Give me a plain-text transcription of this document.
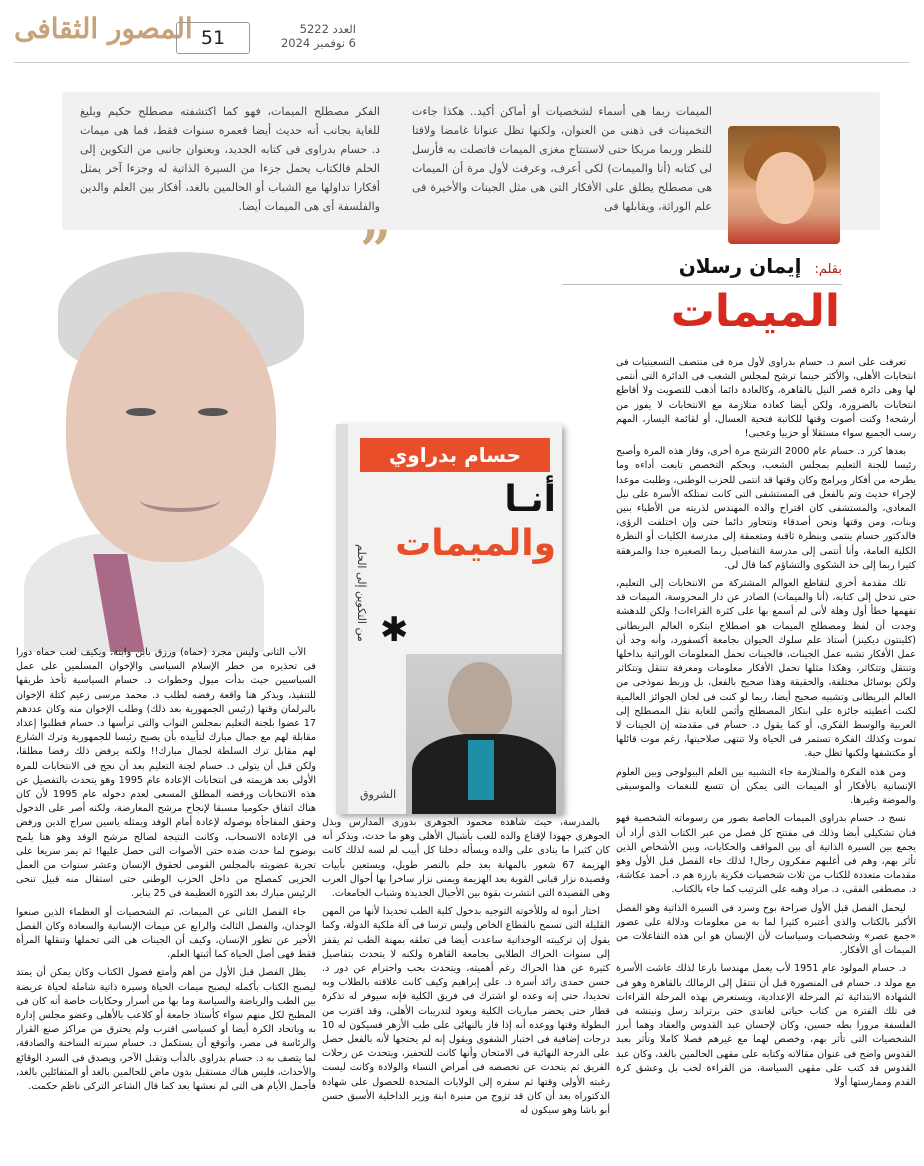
المصور الثقافى 51	العدد 5222
6 نوفمبر 2024
الميمات ربما هى أسماء لشخصيات أو أماكن أكيد.. هكذا جاءت التخمينات فى ذهنى من العنوان، ولكنها تظل عنوانا غامضا ولافتا للنظر وربما مربكا حتى لاستنتاج مغزى الميمات فاتصلت به فأرسل لى كتابه (أنا والميمات) لكى أعرف، وعرفت لأول مرة أن الميمات هى مصطلح يطلق على الأفكار التى هى مثل الجينات والأخيرة فى علم الوراثة، ويقابلها فى
الفكر مصطلح الميمات، فهو كما اكتشفته مصطلح حكيم وبليغ للغاية بجانب أنه حديث أيضا فعمره سنوات فقط، فما هى ميمات د. حسام بدراوى فى كتابه الجديد، وبعنوان جانبى من التكوين إلى الحلم فالكتاب يحمل جزءا من السيرة الذاتية له وجزءا آخر يمثل أفكارا تداولها مع الشباب أو الحالمين بالغد، أفكار بين العلم والدين والفلسفة أى هى الميمات أيضا.
بقلم: إيمان رسلان
الميمات
”
حسام بدراوي
أنـا
والميمات
من التكوين إلى الحلم ✱
الشروق

تعرفت على اسم د. حسام بدراوى لأول مرة فى منتصف التسعينيات فى انتخابات الأهلى، والأكثر حينما ترشح لمجلس الشعب فى الدائرة التى أنتمى لها وهى دائرة قصر النيل بالقاهرة، وكالعادة دائما أذهب للتصويت ولا أقاطع انتخابات بالضرورة، ولكن أيضا كعادة متلازمة مع الانتخابات لا يفوز من أرشحه! وكنت أصوت وقتها للكاتبة فتحية العسال، أو لقائمة اليسار، المهم رسب الجميع سواء مستقلا أو حزبيا وعجبى!

بعدها كرر د. حسام عام 2000 الترشح مرة أخرى، وفاز هذه المرة وأصبح رئيسا للجنة التعليم بمجلس الشعب، وبحكم التخصص تابعت أداءه وما يطرحه من أفكار وبرامج وكان وقتها قد انتمى للحزب الوطنى، وطلبت موعدا لإجراء حديث وتم بالفعل فى المستشفى التى كانت تمتلكه الأسرة على نيل المعادى، والمستشفى كان اقتراح والده المهندس لذريته من الأطباء بنين وبنات، ومن وقتها ونحن أصدقاء ونتحاور دائما حتى وإن اختلفت الرؤى، فالدكتور حسام ينتمى وبنظرة ثاقبة ومتعمقة إلى مدرسة الكليات أو النظرة الكلية العامة، وأنا أنتمى إلى مدرسة التفاصيل ربما الصغيرة جدا والمرهقة كثيرا ربما إلى حد الشكوى والتشاؤم كما قال لى.

تلك مقدمة أخرى لتقاطع العوالم المشتركة من الانتخابات إلى التعليم، حتى تدخل إلى كتابه، (أنا والميمات) الصادر عن دار المحروسة، الميمات قد تفهمها خطأ أول وهلة لأنى لم أسمع بها على كثرة القراءات! ولكن للدهشة وجدت أن لفظ ومصطلح الميمات هو اصطلاح ابتكره العالم البريطانى (كلينتون ديكينز) أستاذ علم سلوك الحيوان بجامعة أكسفورد، وأنه وجد أن عمل الأفكار تشبه عمل الجينات، فالجينات تحمل المعلومات الوراثية بداخلها وتنتقل وتتكاثر، وهكذا مثلها تحمل الأفكار معلومات ومعرفة تنتقل وتتكاثر ولكن بوسائل مختلفة، والحقيقة وهذا صحيح بالفعل، بل وربط نموذجى من العالم البريطانى وتشبيه صحيح أيضا، ربما لو كنت فى لجان الجوائز العالمية لكنت أعطيته جائزة على ابتكار المصطلح وأثمن للغاية نقل المصطلح إلى العربية والوسط الفكرى، أو كما يقول د. حسام فى مقدمته إن الجينات لا تموت وكذلك الفكرة تستمر فى الحياة ولا تنتهى صلاحيتها، رغم موت قائلها أو مكتشفها ولكنها تظل حية.

ومن هذه الفكرة والمتلازمة جاء التشبيه بين العلم البيولوجى وبين العلوم الإنسانية بالأفكار أو الميمات التى يمكن أن تتسع للنغمات والموسيقى والموضة وغيرها.

نسج د. حسام بدراوى الميمات الخاصة بصور من رسوماته الشخصية فهو فنان تشكيلى أيضا وذلك فى مفتتح كل فصل من عبر الكتاب الذى أراد أن يجمع بين السيرة الذاتية أى بين المواقف والحكايات، وبين الأشخاص الذين تأثر بهم، وهم فى أغلبهم مفكرون رجال! لذلك جاء الفصل قبل الأول وهو مقدمات متعددة للكتاب من ثلاث شخصيات فكرية بارزة هم د. أحمد عكاشة، د. مصطفى الفقى، د. مراد وهبه على الترتيب كما جاء بالكتاب.

ليحمل الفصل قبل الأول صراحة بوح وسرد فى السيرة الذاتية وهو الفصل الأكبر بالكتاب والذى أعتبره كثيرا لما به من معلومات ودلالة على عصور «جمع عصر» وشخصيات وسياسات لأن الإنسان هو ابن هذه التفاعلات من الميمات أى الأفكار.

د. حسام المولود عام 1951 لأب يعمل مهندسا بارعا لذلك عاشت الأسرة مع مولد د. حسام فى المنصورة قبل أن تنتقل إلى الزمالك بالقاهرة وهو فى الشهادة الابتدائية ثم المرحلة الإعدادية، ويستعرض بهذه المرحلة القراءات فى تلك الفترة من كتاب حياتى لغاندى حتى برتراند رسل ونيتشه فى الفلسفة مرورا بطه حسين، وكان لإحسان عبد القدوس والعقاد وهما أبرز الشخصيات التى تأثر بهم، وخصص لهما مع غيرهم فصلا كاملا وتأثر بعبد القدوس واضح فى عنوان مقالاته وكتابه على مقهى الحالمين بالغد، وكان عبد القدوس قد كتب على مقهى السياسة، من القراءة لحب بل وعشق كرة القدم وممارستها أولا

بالمدرسة، حيث شاهده محمود الجوهرى بدورى المدارس وبذل الجوهرى جهودا لإقناع والده للعب بأشبال الأهلى وهو ما حدث، ويذكر أنه كان كثيرا ما ينادى على والده ويسأله دخلنا كل أبيب لم لسه لذلك كانت الهزيمة 67 شعور بالمهانة بعد حلم بالنصر طويل، ويستعين بأبيات وقصيدة نزار قبانى القوية بعد الهزيمة ويمنى نزار ساخرا بها أحوال العرب وهى القصيدة التى انتشرت بقوة بين الأجيال الجديدة وشباب الجامعات.

اختار أبوه له وللأخوته التوجيه بدخول كلية الطب تحديدا لأنها من المهن القليلة التى تسمح بالقطاع الخاص وليس ترسا فى آلة ملكية الدولة، وكما يقول إن تركيبته الوجدانية ساعدت أيضا فى تعلقه بمهنة الطب ثم يقفز إلى سنوات الحراك الطلابى بجامعة القاهرة ولكنه لا يتحدث بتفاصيل كثيرة عن هذا الحراك رغم أهميته، ويتحدث بحب واحترام عن دور د. حسن حمدى رائد أسرة د. على إبراهيم وكيف كانت علاقته بالطلاب وبه تحديدا، حتى إنه وعده لو اشترك فى فريق الكلية فإنه سيوفر له تذكرة قطار حتى يحضر مباريات الكلية ويعود لتدريبات الأهلى، وقد اقترب من البطولة وقتها ووعده أنه إذا فاز بالنهائى على طب الأزهر فسيكون له 10 درجات إضافية فى اختبار الشفوى ويقول إنه لم يحتجها لأنه بالفعل حصل على الدرجة النهائية فى الامتحان وأنها كانت للتحفيز، ويتحدث عن رحلات الفريق ثم يتحدث عن تخصصه فى أمراض النساء والولادة وكانت ليست رغبته الأولى وقتها ثم سفره إلى الولايات المتحدة للحصول على شهادة الدكتوراه بعد أن كان قد تزوج من منيرة ابنة وزير الداخلية الأسبق حسن أبو باشا وهو سيكون له

الأب الثانى وليس مجرد (حماه) ورزق بابن وابنة، ويكيف لعب حماه دورا فى تحذيره من خطر الإسلام السياسى والإخوان المسلمين على عمل السياسيين حيث بدأت ميول وخطوات د. حسام السياسية تأخذ طريقها للتنفيذ، ويذكر هنا واقعة رفضه لطلب د. محمد مرسى زعيم كتلة الإخوان بالبرلمان وقتها (رئيس الجمهورية بعد ذلك) وطلب الإخوان منه وكان عددهم 17 عضوا بلجنة التعليم بمجلس النواب والتى ترأسها د. حسام فطلبوا إعداد مقابلة لهم مع جمال مبارك لتأييده بأن يصبح رئيسا للجمهورية وترك الشارع لهم مقابل ترك السلطة لجمال مبارك!! ولكنه يرفض ذلك رفضا مطلقا، ولكن قبل أن يتولى د. حسام لجنة التعليم بعد أن نجح فى الانتخابات للمرة الأولى بعد هزيمته فى انتخابات الإعادة عام 1995 وهو يتحدث بالتفصيل عن هذه الانتخابات ورفضه المطلق المسعى لعدم دخوله عام 1995 لأن كان هناك اتفاق حكوميا مسبقا لإنجاح مرشح المعارضة، ولكنه أصر على الدخول وحقق المفاجأة بوصوله لإعادة أمام الوفد ويمثله ياسين سراج الدين ورفض فى الإعادة الانسحاب، وكانت النتيجة لصالح مرشح الوفد وهو هنا يلمح بوضوح لما حدث ضده حتى الأصوات التى حصل عليها! ثم يمر سريعا على تجربة عضويته بالمجلس القومى لحقوق الإنسان وعشر سنوات من العمل الحزبى كمصلح من داخل الحزب الوطنى حتى استقال منه قبيل تنحى الرئيس مبارك بعد الثورة العظيمة فى 25 يناير.

جاء الفصل الثانى عن الميمات، ثم الشخصيات أو العظماء الذين صنعوا الوجدان، والفصل الثالث والرابع عن ميمات الإنسانية والسعادة وكان الفصل الأخير عن تطور الإنسان، وكيف أن الجينات هى التى تحملها وتنقلها المرأة فقط فهى أصل الحياة كما أثبتها العلم.

يظل الفصل قبل الأول من أهم وأمتع فصول الكتاب وكان يمكن أن يمتد ليصبح الكتاب بأكمله ليصبح ميمات الحياة وسيرة ذاتية شاملة لحياة عريضة بين الطب والرياضة والسياسة وما بها من أسرار وحكايات خاصة أنه كان فى المطبخ لكل منهم سواء كأستاذ جامعة أو كلاعب بالأهلى وعضو مجلس إدارة به وباتحاد الكرة أيضا أو كسياسى اقترب ولم يحترق من مراكز صنع القرار والرئاسة فى مصر، وأتوقع أن يستكمل د. حسام سيرته الساخنة والصادقة، لما يتصف به د. حسام بدراوى بالدأب وتقبل الآخر، ويصدق فى السرد الوقائع والأحداث، فليس هناك مستقبل بدون ماض للحالمين بالغد أو المتفائلين بالغد، فأجمل الأيام هى التى لم نعشها بعد كما قال الشاعر التركى ناظم حكمت.
